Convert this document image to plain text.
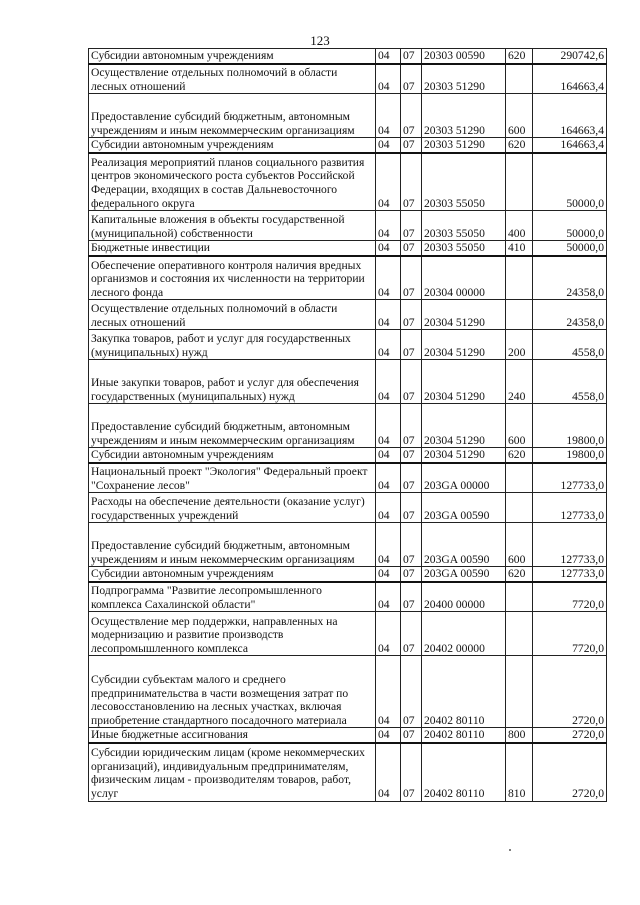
123
Субсидии автономным учреждениям	04	07	20303 00590	620	290742,6
Осуществление отдельных полномочий в области лесных отношений	04	07	20303 51290		164663,4
Предоставление субсидий бюджетным, автономным учреждениям и иным некоммерческим организациям	04	07	20303 51290	600	164663,4
Субсидии автономным учреждениям	04	07	20303 51290	620	164663,4
Реализация мероприятий планов социального развития центров экономического роста субъектов Российской Федерации, входящих в состав Дальневосточного федерального округа	04	07	20303 55050		50000,0
Капитальные вложения в объекты государственной (муниципальной) собственности	04	07	20303 55050	400	50000,0
Бюджетные инвестиции	04	07	20303 55050	410	50000,0
Обеспечение оперативного контроля наличия вредных организмов и состояния их численности на территории лесного фонда	04	07	20304 00000		24358,0
Осуществление отдельных полномочий в области лесных отношений	04	07	20304 51290		24358,0
Закупка товаров, работ и услуг для государственных (муниципальных) нужд	04	07	20304 51290	200	4558,0
Иные закупки товаров, работ и услуг для обеспечения государственных (муниципальных) нужд	04	07	20304 51290	240	4558,0
Предоставление субсидий бюджетным, автономным учреждениям и иным некоммерческим организациям	04	07	20304 51290	600	19800,0
Субсидии автономным учреждениям	04	07	20304 51290	620	19800,0
Национальный проект "Экология" Федеральный проект "Сохранение лесов"	04	07	203GA 00000		127733,0
Расходы на обеспечение деятельности (оказание услуг) государственных учреждений	04	07	203GA 00590		127733,0
Предоставление субсидий бюджетным, автономным учреждениям и иным некоммерческим организациям	04	07	203GA 00590	600	127733,0
Субсидии автономным учреждениям	04	07	203GA 00590	620	127733,0
Подпрограмма "Развитие лесопромышленного комплекса Сахалинской области"	04	07	20400 00000		7720,0
Осуществление мер поддержки, направленных на модернизацию и развитие производств лесопромышленного комплекса	04	07	20402 00000		7720,0
Субсидии субъектам малого и среднего предпринимательства в части возмещения затрат по лесовосстановлению на лесных участках, включая приобретение стандартного посадочного материала	04	07	20402 80110		2720,0
Иные бюджетные ассигнования	04	07	20402 80110	800	2720,0
Субсидии юридическим лицам (кроме некоммерческих организаций), индивидуальным предпринимателям, физическим лицам - производителям товаров, работ, услуг	04	07	20402 80110	810	2720,0
